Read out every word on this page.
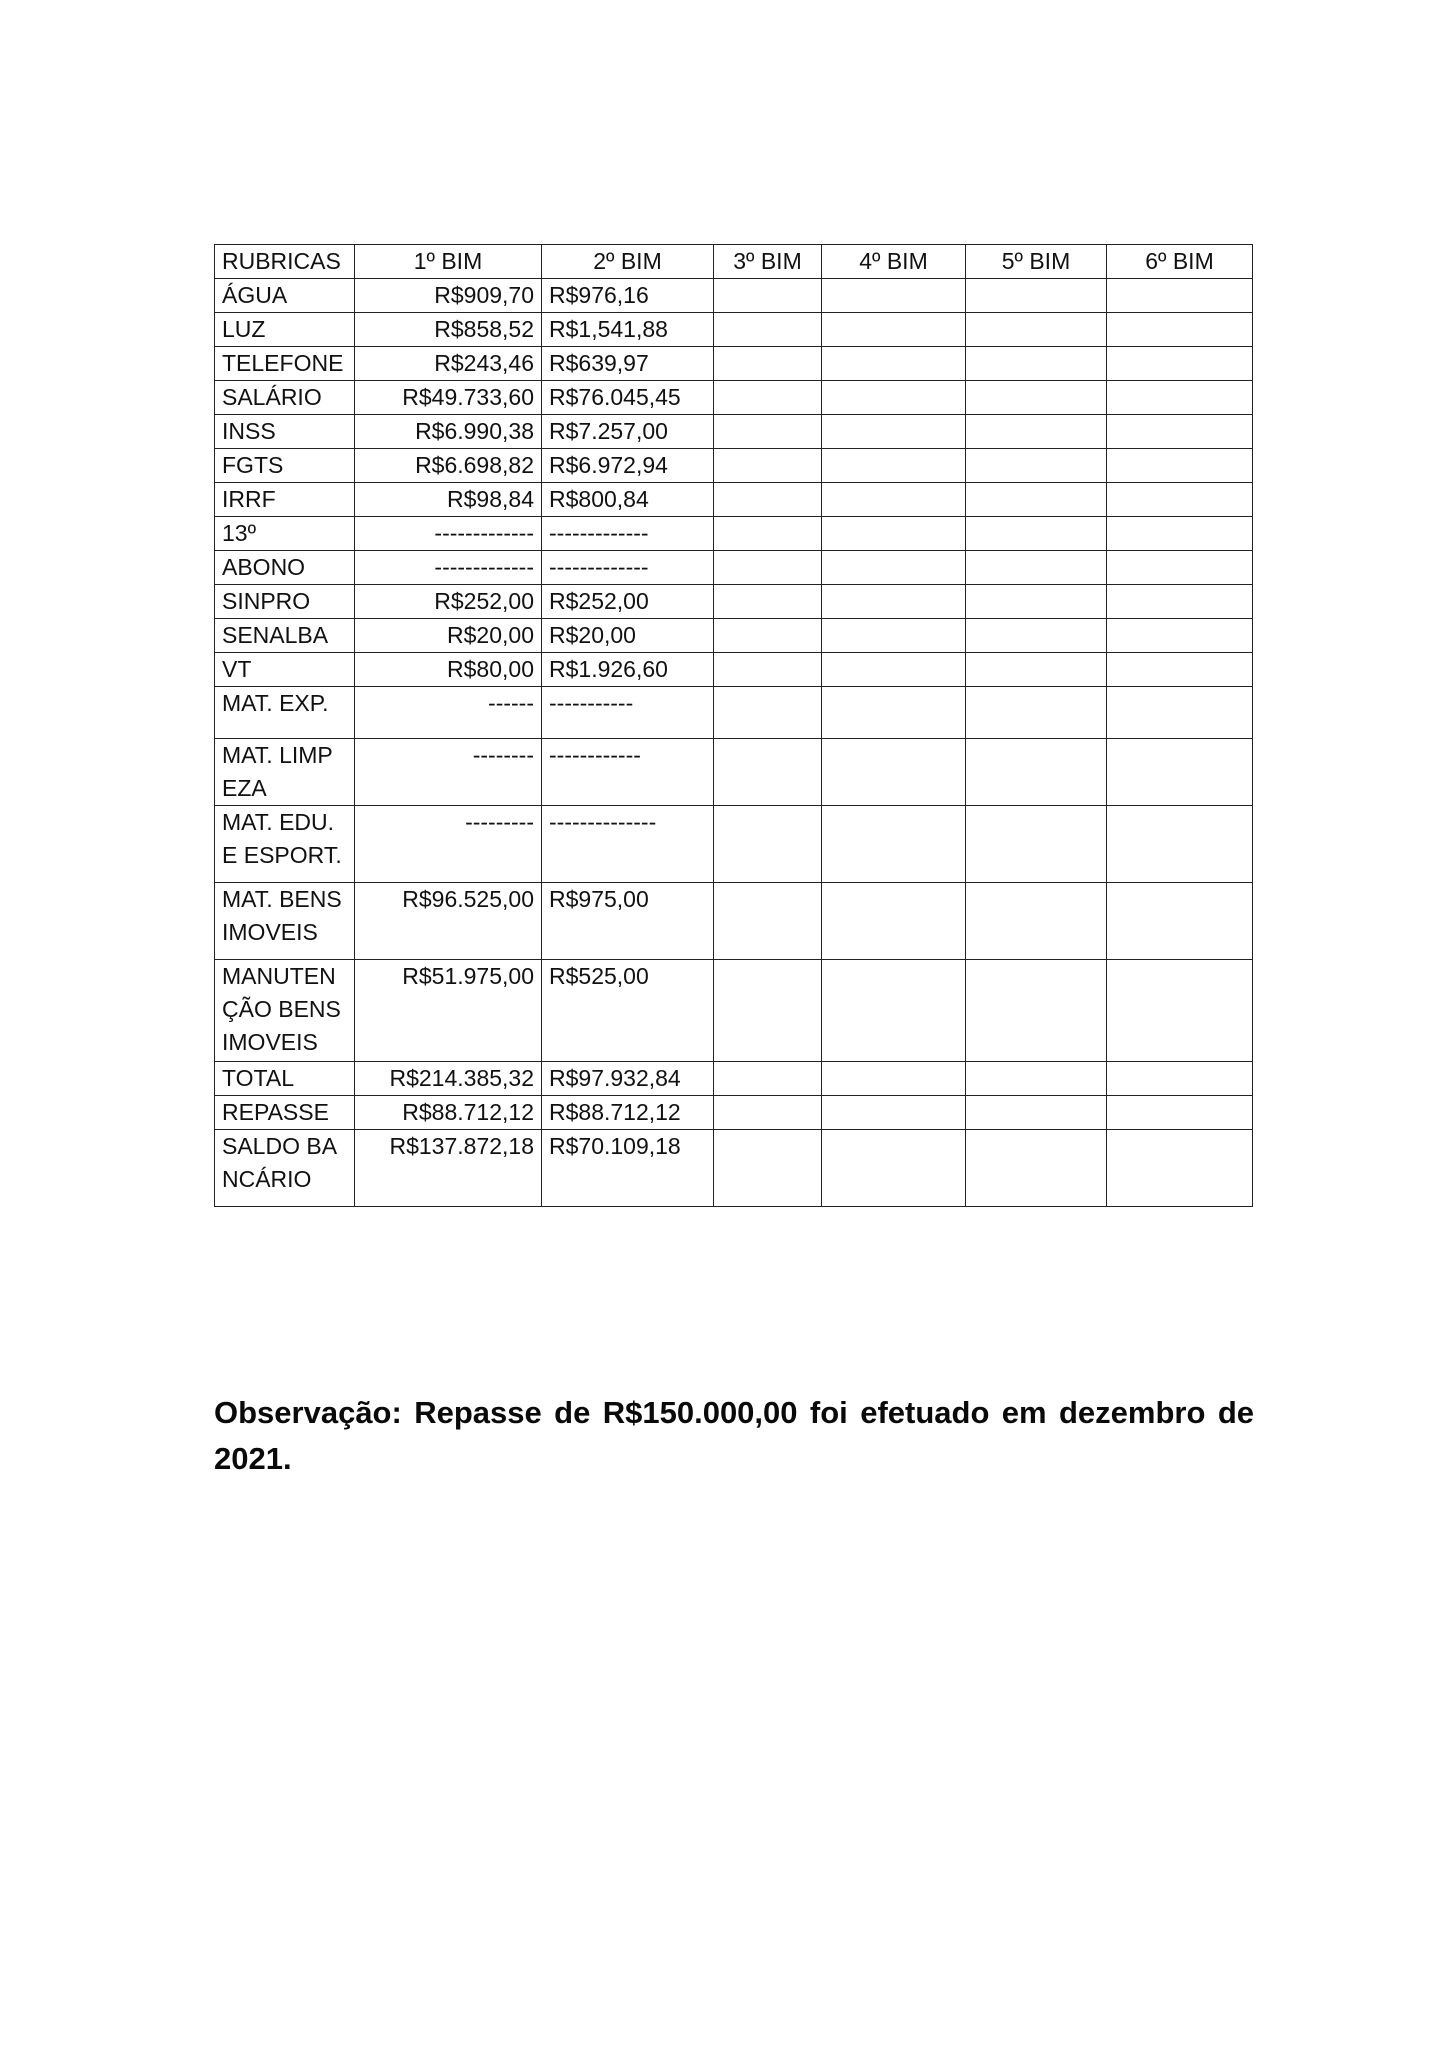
RUBRICAS	1º BIM	2º BIM	3º BIM	4º BIM	5º BIM	6º BIM
ÁGUA	R$909,70	R$976,16				
LUZ	R$858,52	R$1,541,88				
TELEFONE	R$243,46	R$639,97				
SALÁRIO	R$49.733,60	R$76.045,45				
INSS	R$6.990,38	R$7.257,00				
FGTS	R$6.698,82	R$6.972,94				
IRRF	R$98,84	R$800,84				
13º	-------------	-------------				
ABONO	-------------	-------------				
SINPRO	R$252,00	R$252,00				
SENALBA	R$20,00	R$20,00				
VT	R$80,00	R$1.926,60				
MAT. EXP.	------	-----------				
MAT. LIMPEZA	--------	------------				
MAT. EDU. E ESPORT.	---------	--------------				
MAT. BENS IMOVEIS	R$96.525,00	R$975,00				
MANUTENÇÃO BENS IMOVEIS	R$51.975,00	R$525,00				
TOTAL	R$214.385,32	R$97.932,84				
REPASSE	R$88.712,12	R$88.712,12				
SALDO BANCÁRIO	R$137.872,18	R$70.109,18				

Observação: Repasse de R$150.000,00 foi efetuado em dezembro de 2021.
